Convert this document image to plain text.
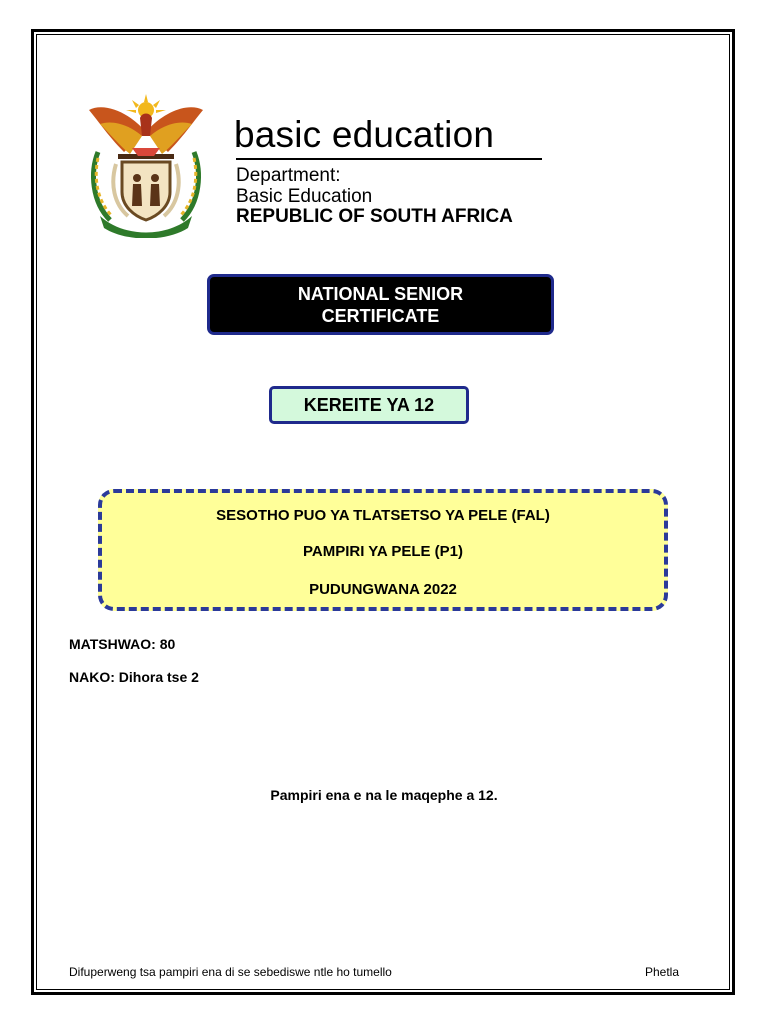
basic education
Department:
Basic Education
REPUBLIC OF SOUTH AFRICA
NATIONAL SENIOR
CERTIFICATE
KEREITE YA 12
SESOTHO PUO YA TLATSETSO YA PELE (FAL)
PAMPIRI YA PELE (P1)
PUDUNGWANA 2022
MATSHWAO: 80
NAKO: Dihora tse 2
Pampiri ena e na le maqephe a 12.
Difuperweng tsa pampiri ena di se sebediswe ntle ho tumello	Phetla
